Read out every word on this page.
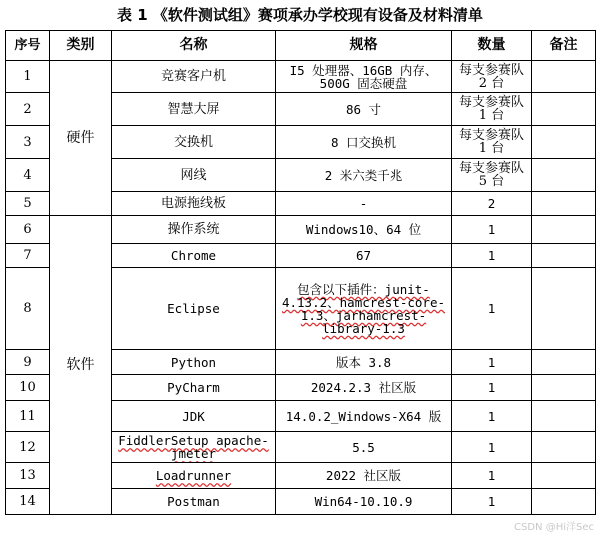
表 1 《软件测试组》赛项承办学校现有设备及材料清单
序号	类别	名称	规格	数量	备注
1	硬件	竞赛客户机	I5 处理器、16GB 内存、500G 固态硬盘	每支参赛队 2 台	
2		智慧大屏	86 寸	每支参赛队 1 台	
3		交换机	8 口交换机	每支参赛队 1 台	
4		网线	2 米六类千兆	每支参赛队 5 台	
5		电源拖线板	-	2	
6	软件	操作系统	Windows10、64 位	1	
7		Chrome	67	1	
8		Eclipse	包含以下插件：junit-4.13.2、hamcrest-core-1.3、jarhamcrest-library-1.3	1	
9		Python	版本 3.8	1	
10		PyCharm	2024.2.3 社区版	1	
11		JDK	14.0.2_Windows-X64 版	1	
12		FiddlerSetup apache-jmeter	5.5	1	
13		Loadrunner	2022 社区版	1	
14		Postman	Win64-10.10.9	1	
CSDN @Hi洋Sec
